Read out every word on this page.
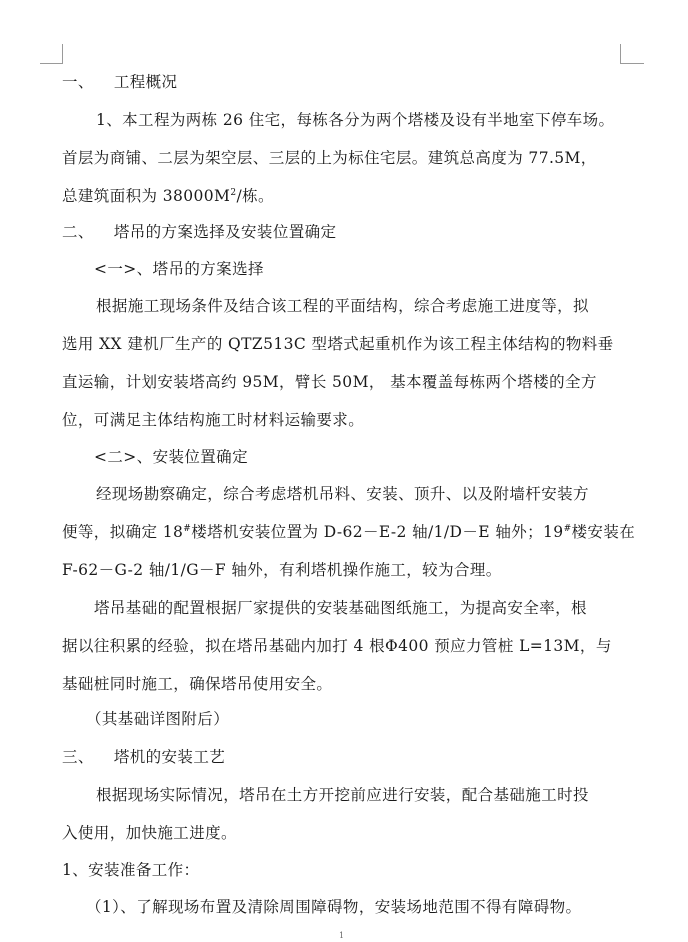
一、 工程概况
1、本工程为两栋 26 住宅，每栋各分为两个塔楼及设有半地室下停车场。
首层为商铺、二层为架空层、三层的上为标住宅层。建筑总高度为 77.5M，
总建筑面积为 $38000M^2/$栋。
二、 塔吊的方案选择及安装位置确定
<一>、塔吊的方案选择
根据施工现场条件及结合该工程的平面结构，综合考虑施工进度等，拟
选用 XX 建机厂生产的 QTZ513C 型塔式起重机作为该工程主体结构的物料垂
直运输，计划安装塔高约 95M，臂长 50M， 基本覆盖每栋两个塔楼的全方
位，可满足主体结构施工时材料运输要求。
<二>、安装位置确定
经现场勘察确定，综合考虑塔机吊料、安装、顶升、以及附墙杆安装方
便等，拟确定 18#楼塔机安装位置为 D-62－E-2 轴/1/D－E 轴外；19#楼安装在
F-62－G-2 轴/1/G－F 轴外，有利塔机操作施工，较为合理。
塔吊基础的配置根据厂家提供的安装基础图纸施工，为提高安全率，根
据以往积累的经验，拟在塔吊基础内加打 4 根Φ400 预应力管桩 L=13M，与
基础桩同时施工，确保塔吊使用安全。
（其基础详图附后）
三、 塔机的安装工艺
根据现场实际情况，塔吊在土方开挖前应进行安装，配合基础施工时投
入使用，加快施工进度。
1、安装准备工作：
（1）、了解现场布置及清除周围障碍物，安装场地范围不得有障碍物。
1
